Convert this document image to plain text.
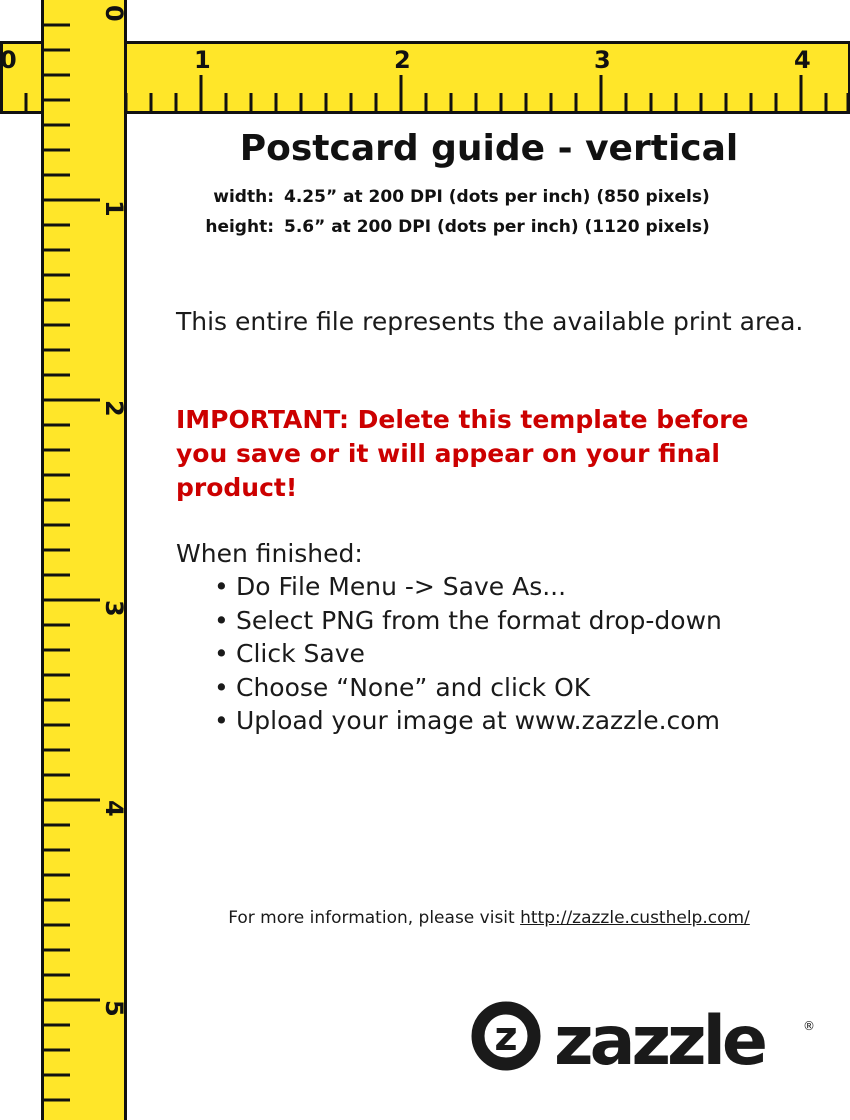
0	1	2	3	4
0
1
2
3
4
5
Postcard guide - vertical
width: 4.25” at 200 DPI (dots per inch) (850 pixels)
height: 5.6” at 200 DPI (dots per inch) (1120 pixels)
This entire file represents the available print area.
IMPORTANT: Delete this template before you save or it will appear on your final product!
When finished:
• Do File Menu -> Save As...
• Select PNG from the format drop-down
• Click Save
• Choose “None” and click OK
• Upload your image at www.zazzle.com
For more information, please visit http://zazzle.custhelp.com/
z zazzle	®
